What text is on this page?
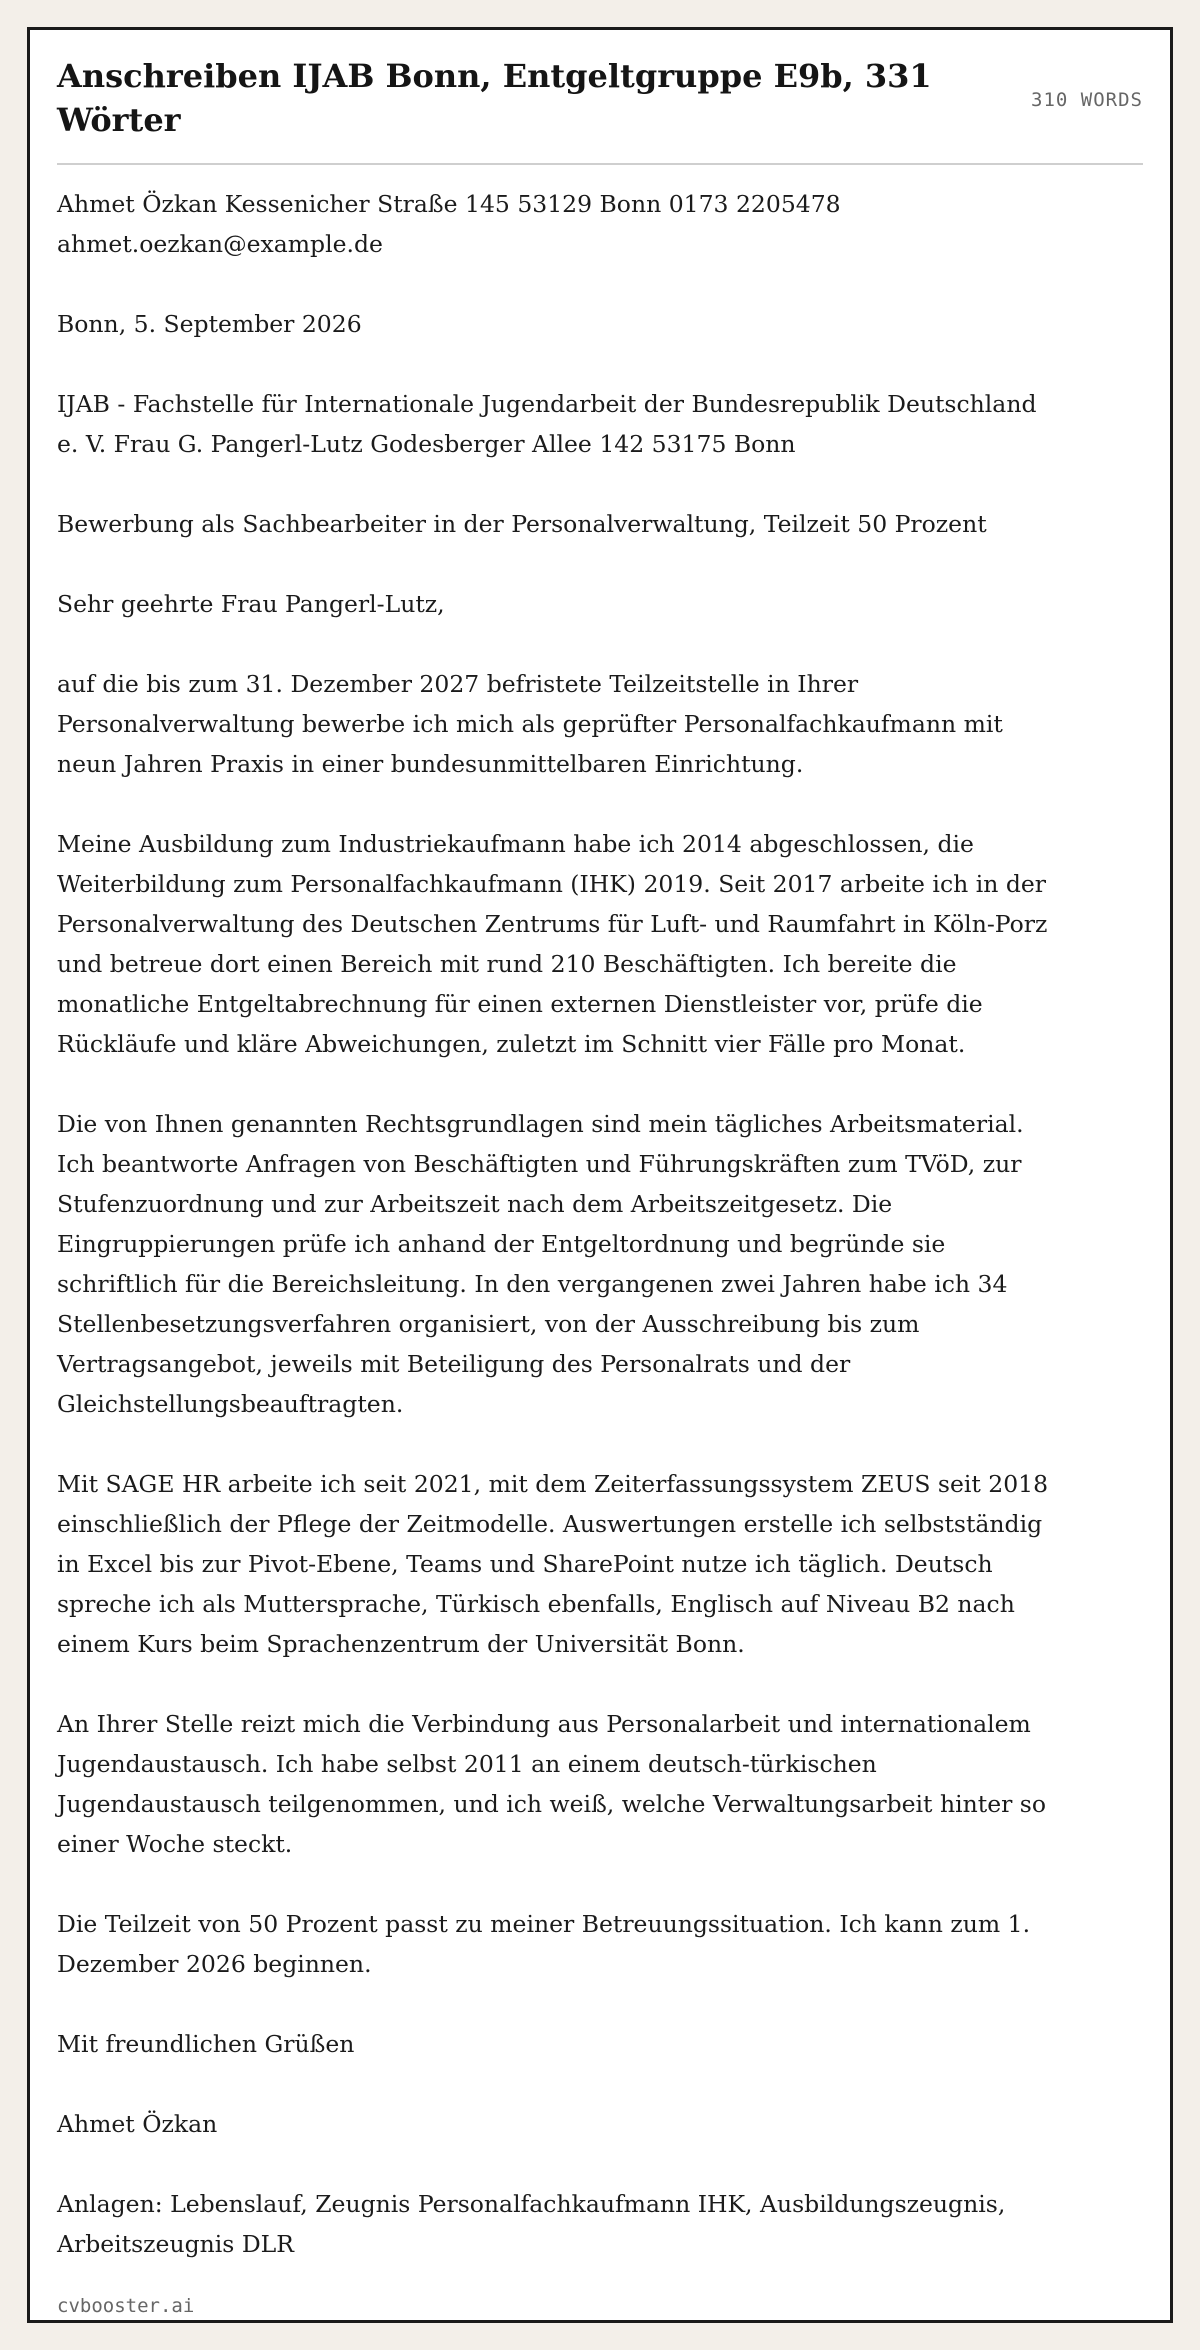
Anschreiben IJAB Bonn, Entgeltgruppe E9b, 331 Wörter
310 WORDS

Ahmet Özkan Kessenicher Straße 145 53129 Bonn 0173 2205478 ahmet.oezkan@example.de

Bonn, 5. September 2026

IJAB - Fachstelle für Internationale Jugendarbeit der Bundesrepublik Deutschland e. V. Frau G. Pangerl-Lutz Godesberger Allee 142 53175 Bonn

Bewerbung als Sachbearbeiter in der Personalverwaltung, Teilzeit 50 Prozent

Sehr geehrte Frau Pangerl-Lutz,

auf die bis zum 31. Dezember 2027 befristete Teilzeitstelle in Ihrer Personalverwaltung bewerbe ich mich als geprüfter Personalfachkaufmann mit neun Jahren Praxis in einer bundesunmittelbaren Einrichtung.

Meine Ausbildung zum Industriekaufmann habe ich 2014 abgeschlossen, die Weiterbildung zum Personalfachkaufmann (IHK) 2019. Seit 2017 arbeite ich in der Personalverwaltung des Deutschen Zentrums für Luft- und Raumfahrt in Köln-Porz und betreue dort einen Bereich mit rund 210 Beschäftigten. Ich bereite die monatliche Entgeltabrechnung für einen externen Dienstleister vor, prüfe die Rückläufe und kläre Abweichungen, zuletzt im Schnitt vier Fälle pro Monat.

Die von Ihnen genannten Rechtsgrundlagen sind mein tägliches Arbeitsmaterial. Ich beantworte Anfragen von Beschäftigten und Führungskräften zum TVöD, zur Stufenzuordnung und zur Arbeitszeit nach dem Arbeitszeitgesetz. Die Eingruppierungen prüfe ich anhand der Entgeltordnung und begründe sie schriftlich für die Bereichsleitung. In den vergangenen zwei Jahren habe ich 34 Stellenbesetzungsverfahren organisiert, von der Ausschreibung bis zum Vertragsangebot, jeweils mit Beteiligung des Personalrats und der Gleichstellungsbeauftragten.

Mit SAGE HR arbeite ich seit 2021, mit dem Zeiterfassungssystem ZEUS seit 2018 einschließlich der Pflege der Zeitmodelle. Auswertungen erstelle ich selbstständig in Excel bis zur Pivot-Ebene, Teams und SharePoint nutze ich täglich. Deutsch spreche ich als Muttersprache, Türkisch ebenfalls, Englisch auf Niveau B2 nach einem Kurs beim Sprachenzentrum der Universität Bonn.

An Ihrer Stelle reizt mich die Verbindung aus Personalarbeit und internationalem Jugendaustausch. Ich habe selbst 2011 an einem deutsch-türkischen Jugendaustausch teilgenommen, und ich weiß, welche Verwaltungsarbeit hinter so einer Woche steckt.

Die Teilzeit von 50 Prozent passt zu meiner Betreuungssituation. Ich kann zum 1. Dezember 2026 beginnen.

Mit freundlichen Grüßen

Ahmet Özkan

Anlagen: Lebenslauf, Zeugnis Personalfachkaufmann IHK, Ausbildungszeugnis, Arbeitszeugnis DLR

cvbooster.ai
